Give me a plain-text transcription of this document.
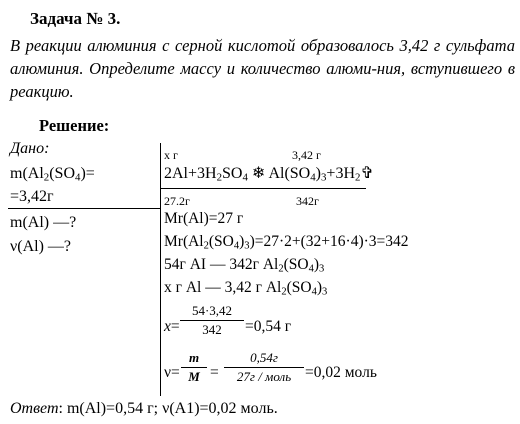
Задача № 3.
В реакции алюминия с серной кислотой образовалось 3,42 г сульфата алюминия. Определите массу и количество алюми-ния, вступившего в реакцию.
Решение:
Дано:
$m(Al_2(SO_4)=$
=3,42г
m(Al) —?
ν(Al) —?
х г	3,42 г
$2Al+3H_2SO_4$ ❄ $Al(SO_4)_3+3H_2✞$
27.2г	342г
Mr(Al)=27 г
$Mr(Al_2(SO_4)_3)=27\cdot 2+(32+16\cdot 4)\cdot 3=342$
54г AI — 342г $Al_2(SO_4)_3$
х г Al — 3,42 г $Al_2(SO_4)_3$
x=
54·3,42
342	=0,54 г
ν=
m
M =
0,54г
27г / моль =0,02 моль
Ответ: m(Al)=0,54 г; ν(A1)=0,02 моль.
